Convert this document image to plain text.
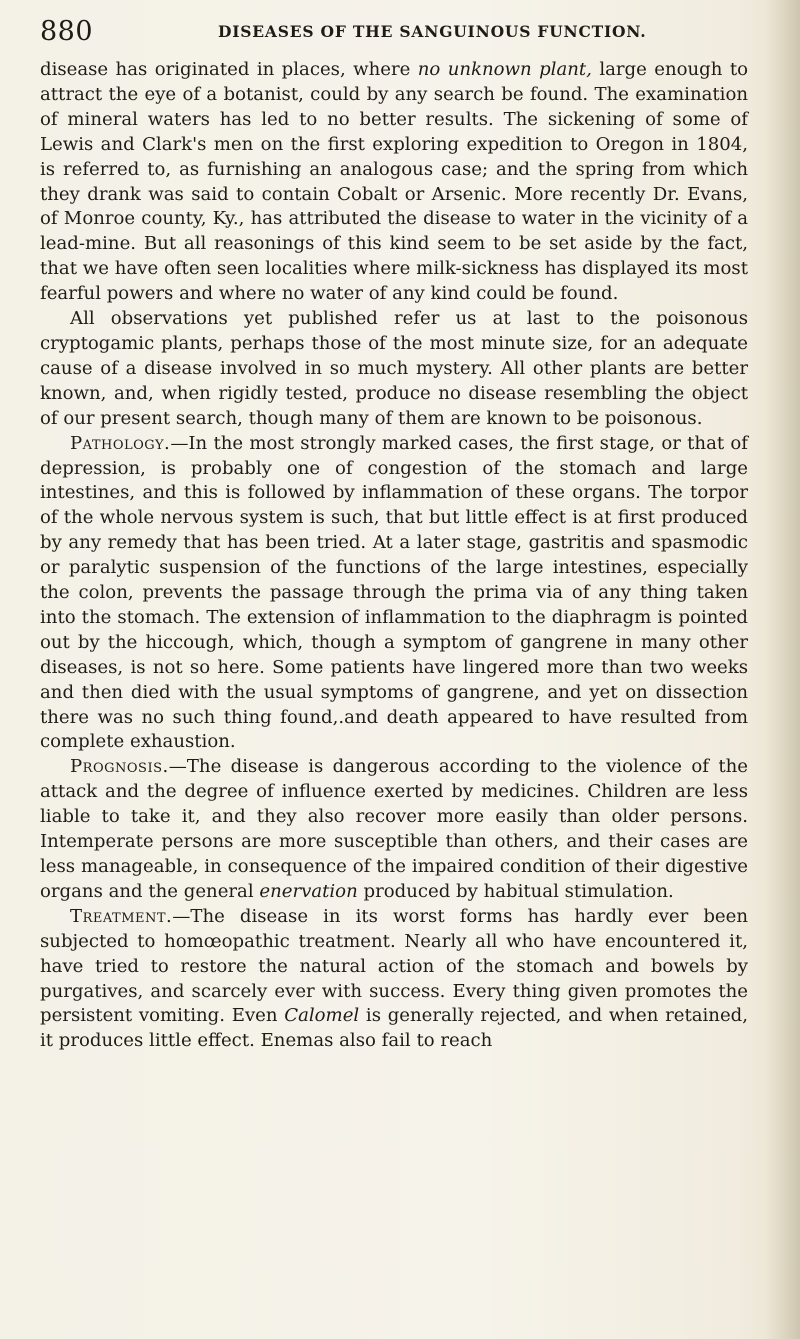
880	DISEASES OF THE SANGUINOUS FUNCTION.

disease has originated in places, where no unknown plant, large enough to attract the eye of a botanist, could by any search be found. The examination of mineral waters has led to no better results. The sickening of some of Lewis and Clark's men on the first exploring expedition to Oregon in 1804, is referred to, as furnishing an analogous case; and the spring from which they drank was said to contain Cobalt or Arsenic. More recently Dr. Evans, of Monroe county, Ky., has attributed the disease to water in the vicinity of a lead-mine. But all reasonings of this kind seem to be set aside by the fact, that we have often seen localities where milk-sickness has displayed its most fearful powers and where no water of any kind could be found.

All observations yet published refer us at last to the poisonous cryptogamic plants, perhaps those of the most minute size, for an adequate cause of a disease involved in so much mystery. All other plants are better known, and, when rigidly tested, produce no disease resembling the object of our present search, though many of them are known to be poisonous.

Pathology.—In the most strongly marked cases, the first stage, or that of depression, is probably one of congestion of the stomach and large intestines, and this is followed by inflammation of these organs. The torpor of the whole nervous system is such, that but little effect is at first produced by any remedy that has been tried. At a later stage, gastritis and spasmodic or paralytic suspension of the functions of the large intestines, especially the colon, prevents the passage through the prima via of any thing taken into the stomach. The extension of inflammation to the diaphragm is pointed out by the hiccough, which, though a symptom of gangrene in many other diseases, is not so here. Some patients have lingered more than two weeks and then died with the usual symptoms of gangrene, and yet on dissection there was no such thing found,.and death appeared to have resulted from complete exhaustion.

Prognosis.—The disease is dangerous according to the violence of the attack and the degree of influence exerted by medicines. Children are less liable to take it, and they also recover more easily than older persons. Intemperate persons are more susceptible than others, and their cases are less manageable, in consequence of the impaired condition of their digestive organs and the general enervation produced by habitual stimulation.

Treatment.—The disease in its worst forms has hardly ever been subjected to homœopathic treatment. Nearly all who have encountered it, have tried to restore the natural action of the stomach and bowels by purgatives, and scarcely ever with success. Every thing given promotes the persistent vomiting. Even Calomel is generally rejected, and when retained, it produces little effect. Enemas also fail to reach
